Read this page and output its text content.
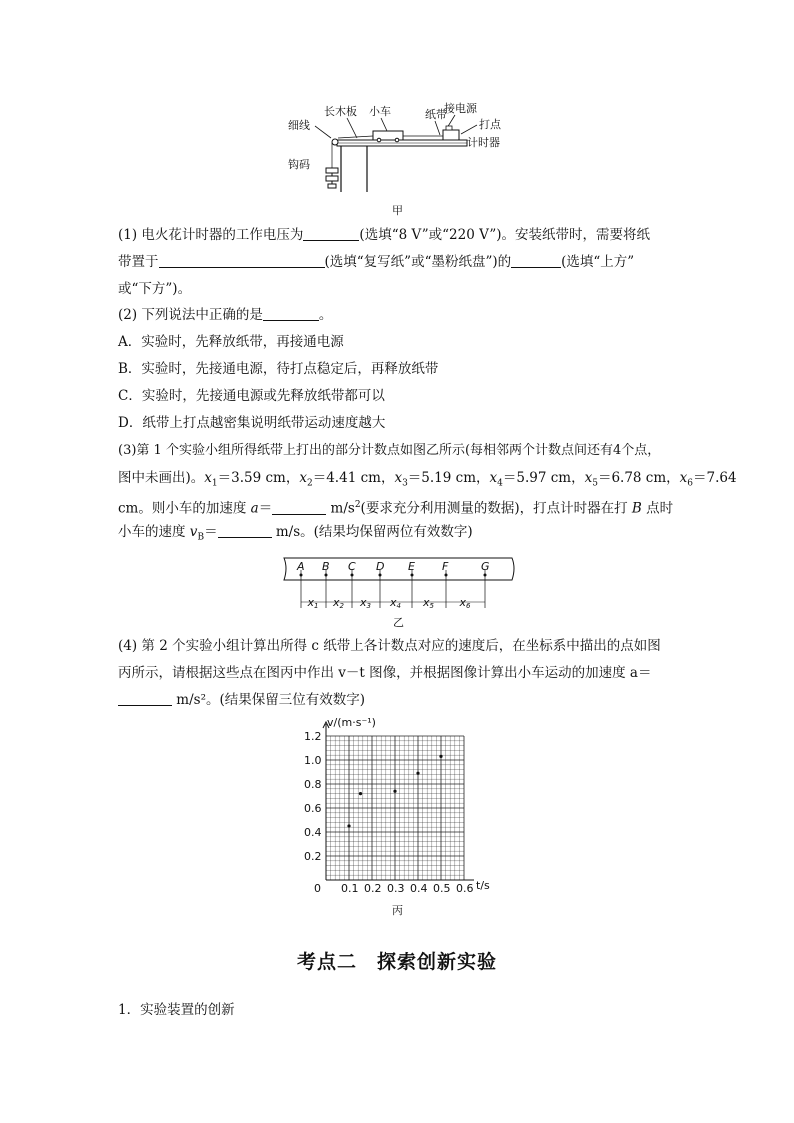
长木板 小车	纸带
接电源
打点
计时器
细线
钩码
甲
(1) 电火花计时器的工作电压为	(选填“8 V”或“220 V”)。安装纸带时，需要将纸
带置于	(选填“复写纸”或“墨粉纸盘”)的	(选填“上方”
或“下方”)。
(2) 下列说法中正确的是	。
A．实验时，先释放纸带，再接通电源
B．实验时，先接通电源，待打点稳定后，再释放纸带
C．实验时，先接通电源或先释放纸带都可以
D．纸带上打点越密集说明纸带运动速度越大
(3)第 1 个实验小组所得纸带上打出的部分计数点如图乙所示(每相邻两个计数点间还有4个点，
图中未画出)。$x_1=3.59$ cm，$x_2=4.41$ cm，$x_3=5.19$ cm，$x_4=5.97$ cm，$x_5=6.78$ cm，$x_6=7.64$
cm。则小车的加速度 a＝	$m/s^2$(要求充分利用测量的数据)，打点计时器在打 B 点时
小车的速度 $v_B=$	m/s。(结果均保留两位有效数字)
A B C D E F	G
x1 x2 x3 x4 x5 x6
乙
(4) 第 2 个实验小组计算出所得 c 纸带上各计数点对应的速度后，在坐标系中描出的点如图
丙所示，请根据这些点在图丙中作出 v－t 图像，并根据图像计算出小车运动的加速度 a＝
m/s²。(结果保留三位有效数字)
0 0.1 0.2 0.3 0.4 0.5 0.6
0.2
0.4
0.6
0.8
1.0
1.2
v/(m·s⁻¹)
t/s
丙
考点二　探索创新实验
1．实验装置的创新
